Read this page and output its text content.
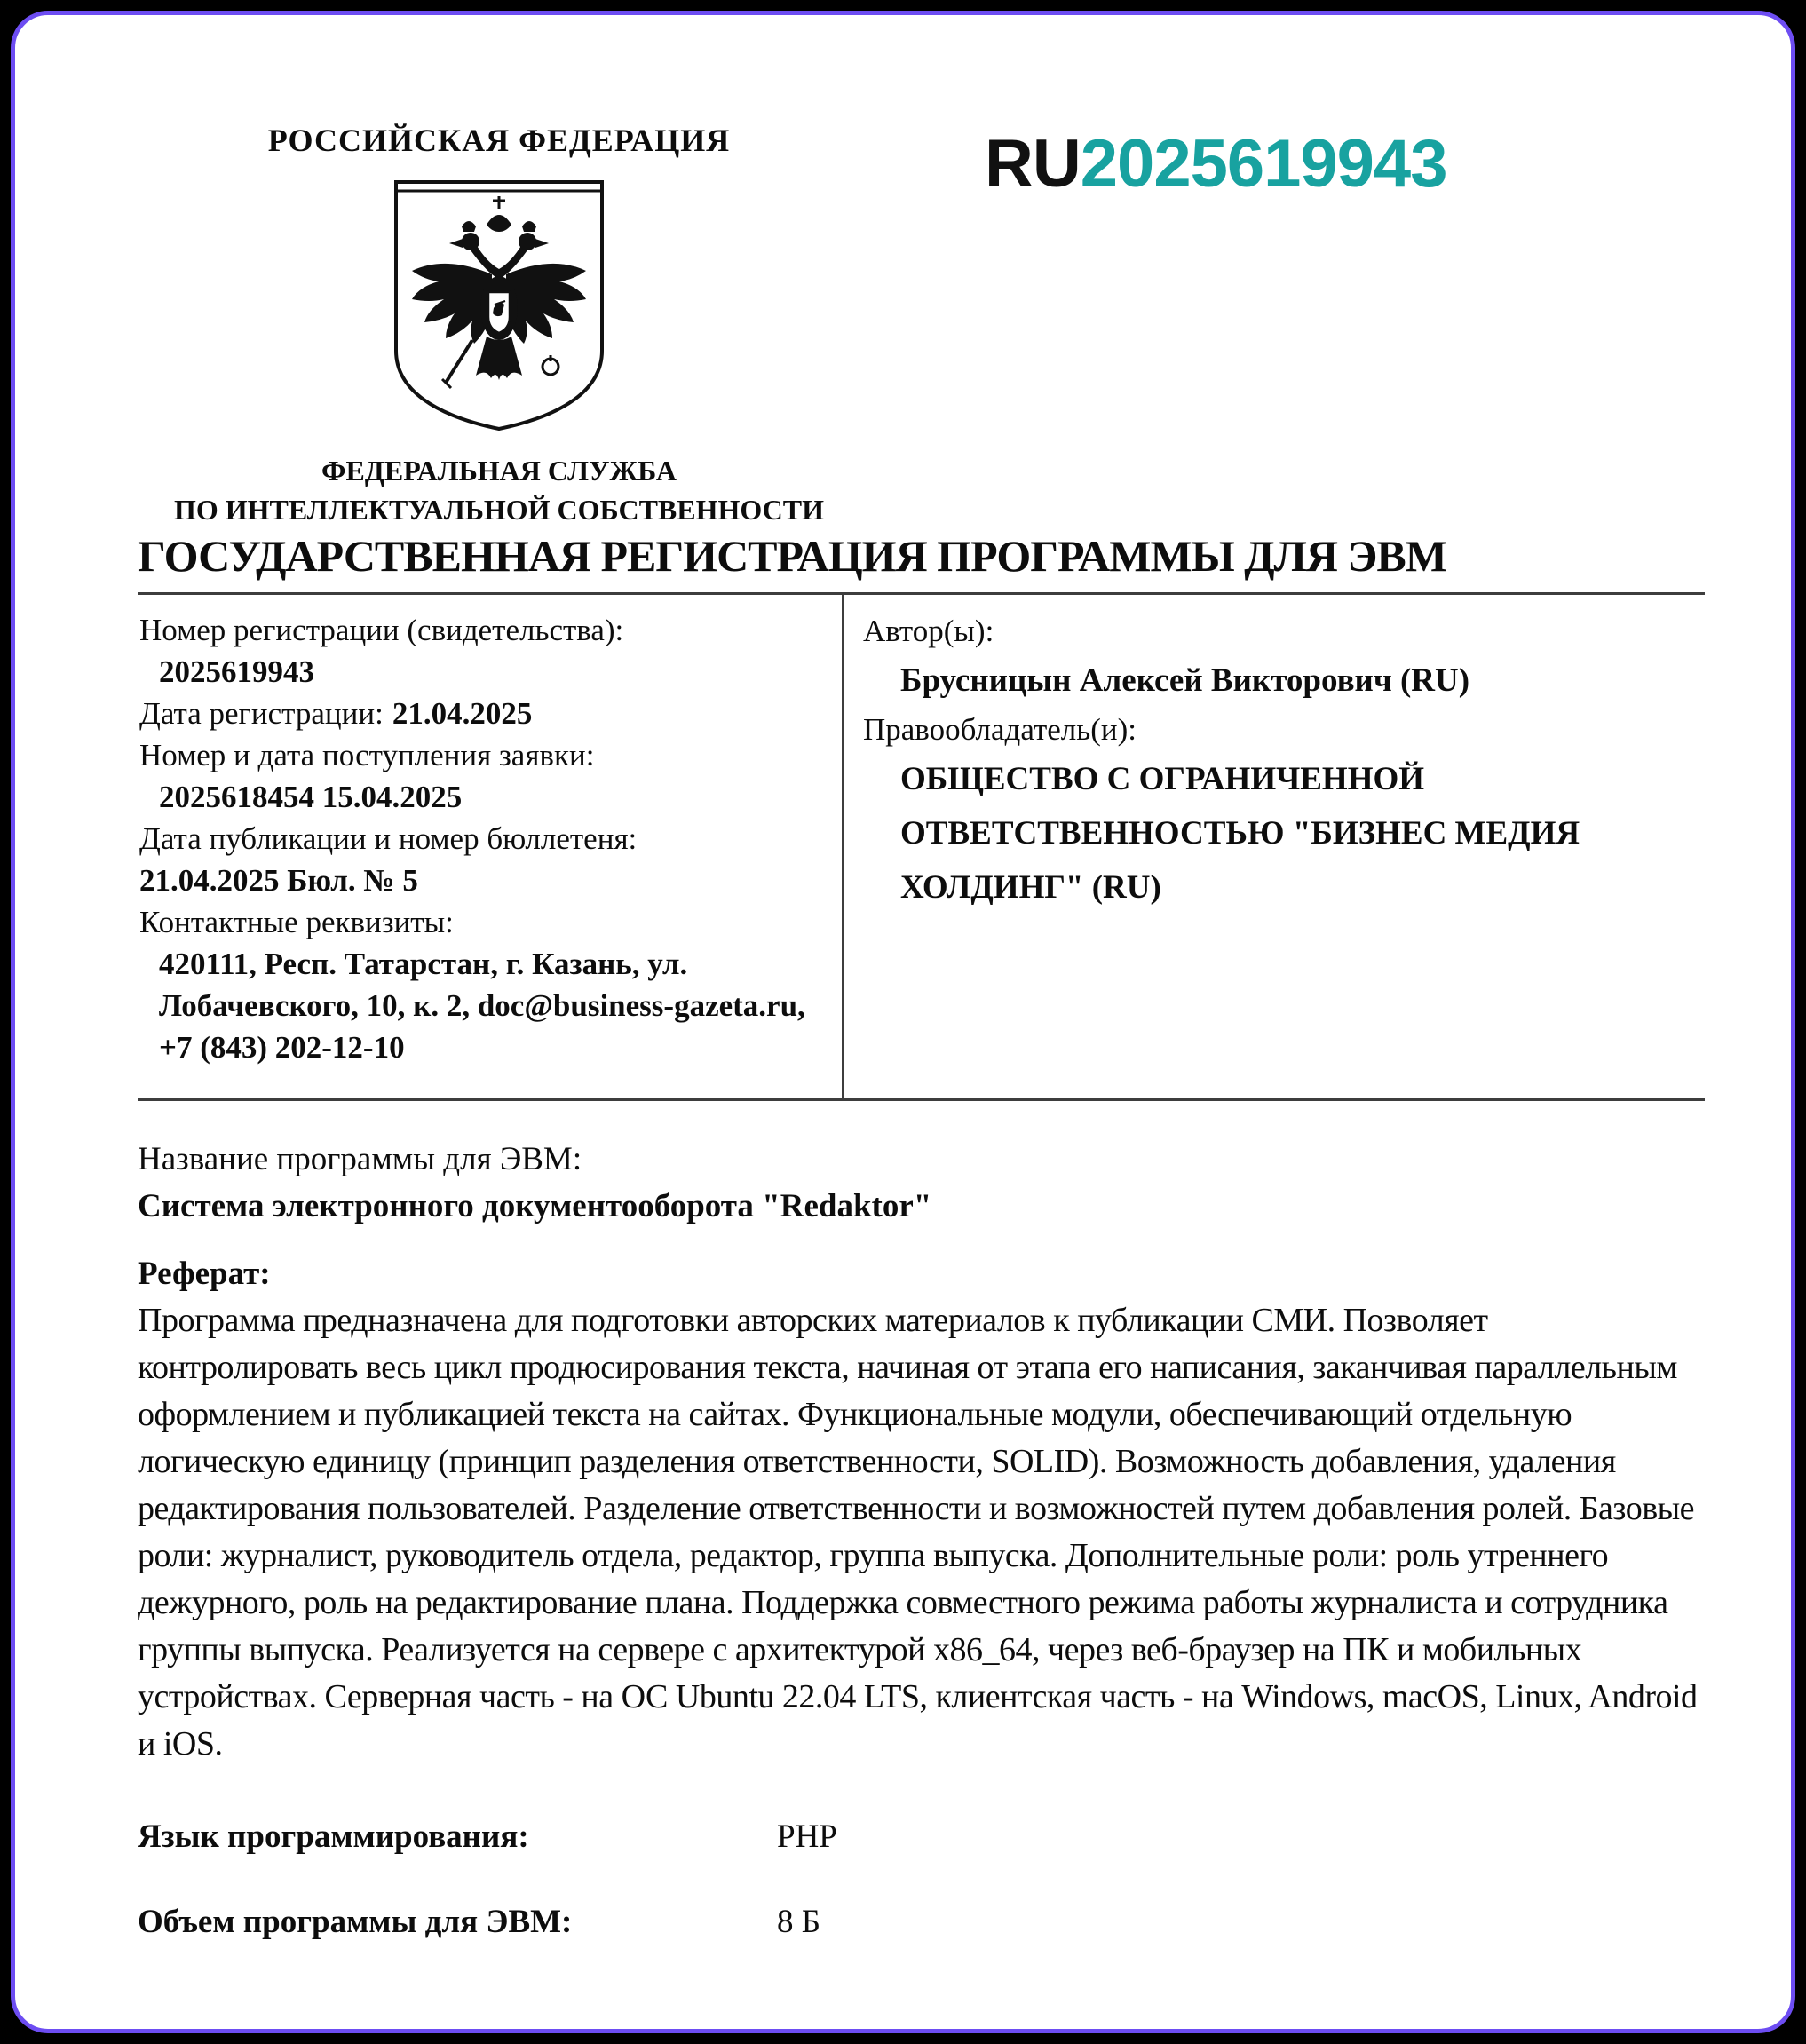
РОССИЙСКАЯ ФЕДЕРАЦИЯ
ФЕДЕРАЛЬНАЯ СЛУЖБА
ПО ИНТЕЛЛЕКТУАЛЬНОЙ СОБСТВЕННОСТИ
RU2025619943
ГОСУДАРСТВЕННАЯ РЕГИСТРАЦИЯ ПРОГРАММЫ ДЛЯ ЭВМ
Номер регистрации (свидетельства):
2025619943
Дата регистрации: 21.04.2025
Номер и дата поступления заявки:
2025618454 15.04.2025
Дата публикации и номер бюллетеня:
21.04.2025 Бюл. № 5
Контактные реквизиты:
420111, Респ. Татарстан, г. Казань, ул. Лобачевского, 10, к. 2, doc@business-gazeta.ru, +7 (843) 202-12-10
Автор(ы):
Брусницын Алексей Викторович (RU)
Правообладатель(и):
ОБЩЕСТВО С ОГРАНИЧЕННОЙ ОТВЕТСТВЕННОСТЬЮ "БИЗНЕС МЕДИЯ ХОЛДИНГ" (RU)
Название программы для ЭВМ:
Система электронного документооборота "Redaktor"
Реферат:
Программа предназначена для подготовки авторских материалов к публикации СМИ. Позволяет контролировать весь цикл продюсирования текста, начиная от этапа его написания, заканчивая параллельным оформлением и публикацией текста на сайтах. Функциональные модули, обеспечивающий отдельную логическую единицу (принцип разделения ответственности, SOLID). Возможность добавления, удаления редактирования пользователей. Разделение ответственности и возможностей путем добавления ролей. Базовые роли: журналист, руководитель отдела, редактор, группа выпуска. Дополнительные роли: роль утреннего дежурного, роль на редактирование плана. Поддержка совместного режима работы журналиста и сотрудника группы выпуска. Реализуется на сервере с архитектурой x86_64, через веб-браузер на ПК и мобильных устройствах. Серверная часть - на ОС Ubuntu 22.04 LTS, клиентская часть - на Windows, macOS, Linux, Android и iOS.
Язык программирования:	PHP
Объем программы для ЭВМ:	8 Б
